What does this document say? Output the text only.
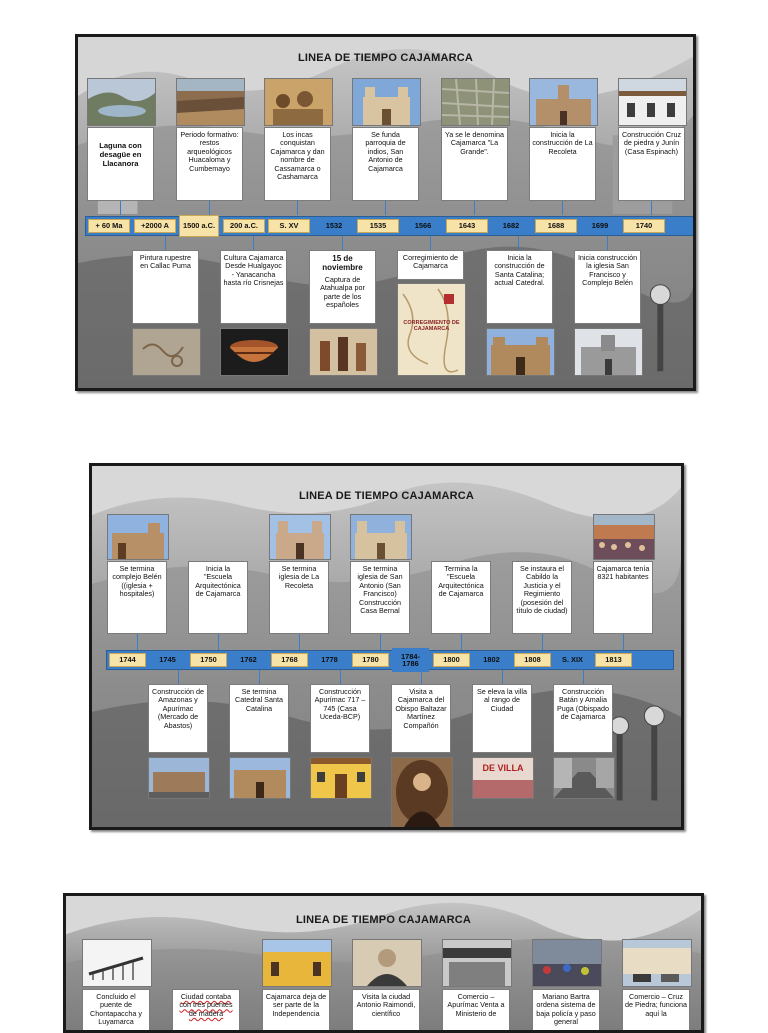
LINEA DE TIEMPO CAJAMARCA
Laguna con desagüe en Llacanora
Periodo formativo: restos arqueológicos Huacaloma y Cumbemayo
Los incas conquistan Cajamarca y dan nombre de Cassamarca o Cashamarca
Se funda parroquia de indios, San Antonio de Cajamarca
Ya se le denomina Cajamarca "La Grande".
Inicia la construcción de La Recoleta
Construcción Cruz de piedra y Junín (Casa Espinach)
+ 60 Ma	+2000 A	1500 a.C.	200 a.C.	S. XV	1532	1535	1566	1643	1682	1688	1699	1740
Pintura rupestre en Callac Puma
Cultura Cajamarca Desde Hualgayoc - Yanacancha hasta río Crisnejas
15 de noviembre
Captura de Atahualpa por parte de los españoles
Corregimiento de Cajamarca
Inicia la construcción de Santa Catalina; actual Catedral.
Inicia construcción la iglesia San Francisco y Complejo Belén
CORREGIMIENTO DE CAJAMARCA
LINEA DE TIEMPO CAJAMARCA
Se termina complejo Belén ((iglesia + hospitales)
Inicia la "Escuela Arquitectónica de Cajamarca
Se termina iglesia de La Recoleta
Se termina iglesia de San Antonio (San Francisco) Construcción Casa Bernal
Termina la "Escuela Arquitectónica de Cajamarca
Se instaura el Cabildo la Justicia y el Regimiento (posesión del título de ciudad)
Cajamarca tenía 8321 habitantes
1744	1745	1750	1762	1768	1778	1780	1784-1786	1800	1802	1808	S. XIX	1813
Construcción de Amazonas y Apurímac (Mercado de Abastos)
Se termina Catedral Santa Catalina
Construcción Apurímac 717 – 745 (Casa Uceda-BCP)
Visita a Cajamarca del Obispo Baltazar Martínez Compañón
Se eleva la villa al rango de Ciudad
Construcción Batán y Amalia Puga (Obispado de Cajamarca
DE VILLA
LINEA DE TIEMPO CAJAMARCA
Concluido el puente de Chontapaccha y Luyamarca
Ciudad contaba con tres puentes de madera
Cajamarca deja de ser parte de la Independencia
Visita la ciudad Antonio Raimondi, científico
Comercio – Apurímac Venta a Ministerio de
Mariano Bartra ordena sistema de baja policía y paso general
Comercio – Cruz de Piedra; funciona aquí la
